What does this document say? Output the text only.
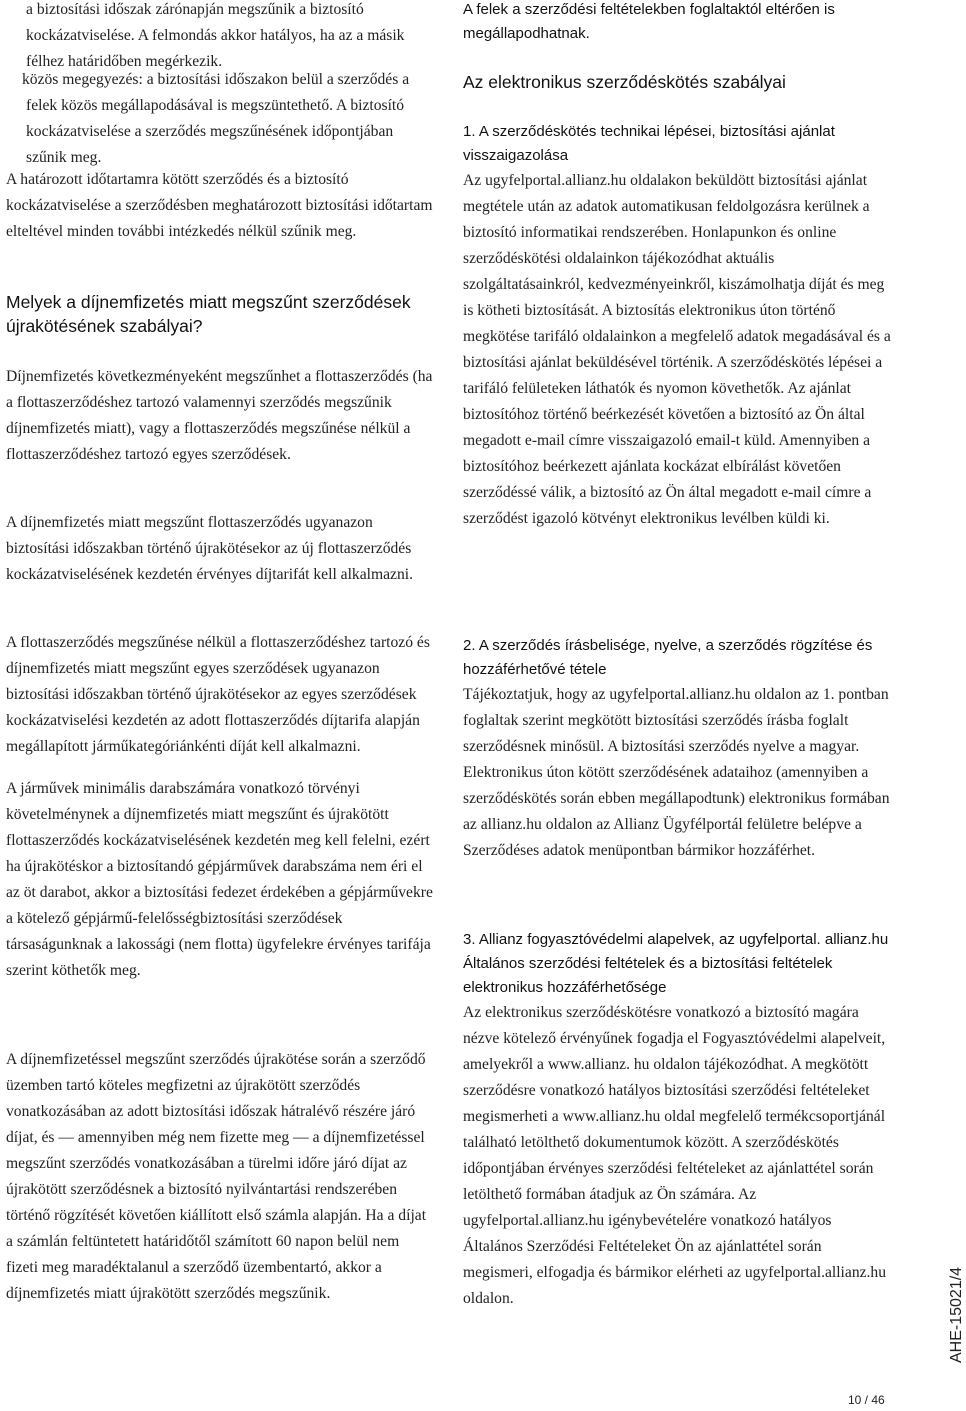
a biztosítási időszak zárónapján megszűnik a biztosító kockázatviselése. A felmondás akkor hatályos, ha az a másik félhez határidőben megérkezik.

közös megegyezés: a biztosítási időszakon belül a szerződés a felek közös megállapodásával is megszüntethető. A biztosító kockázatviselése a szerződés megszűnésének időpontjában szűnik meg.

A határozott időtartamra kötött szerződés és a biztosító kockázatviselése a szerződésben meghatározott biztosítási időtartam elteltével minden további intézkedés nélkül szűnik meg.

Melyek a díjnemfizetés miatt megszűnt szerződések újrakötésének szabályai?

Díjnemfizetés következményeként megszűnhet a flottaszerződés (ha a flottaszerződéshez tartozó valamennyi szerződés megszűnik díjnemfizetés miatt), vagy a flottaszerződés megszűnése nélkül a flottaszerződéshez tartozó egyes szerződések.

A díjnemfizetés miatt megszűnt flottaszerződés ugyanazon biztosítási időszakban történő újrakötésekor az új flottaszerződés kockázatviselésének kezdetén érvényes díjtarifát kell alkalmazni.

A flottaszerződés megszűnése nélkül a flottaszerződéshez tartozó és díjnemfizetés miatt megszűnt egyes szerződések ugyanazon biztosítási időszakban történő újrakötésekor az egyes szerződések kockázatviselési kezdetén az adott flottaszerződés díjtarifa alapján megállapított járműkategóriánkénti díját kell alkalmazni.

A járművek minimális darabszámára vonatkozó törvényi követelménynek a díjnemfizetés miatt megszűnt és újrakötött flottaszerződés kockázatviselésének kezdetén meg kell felelni, ezért ha újrakötéskor a biztosítandó gépjárművek darabszáma nem éri el az öt darabot, akkor a biztosítási fedezet érdekében a gépjárművekre a kötelező gépjármű-felelősségbiztosítási szerződések társaságunknak a lakossági (nem flotta) ügyfelekre érvényes tarifája szerint köthetők meg.

A díjnemfizetéssel megszűnt szerződés újrakötése során a szerződő üzemben tartó köteles megfizetni az újrakötött szerződés vonatkozásában az adott biztosítási időszak hátralévő részére járó díjat, és — amennyiben még nem fizette meg — a díjnemfizetéssel megszűnt szerződés vonatkozásában a türelmi időre járó díjat az újrakötött szerződésnek a biztosító nyilvántartási rendszerében történő rögzítését követően kiállított első számla alapján. Ha a díjat a számlán feltüntetett határidőtől számított 60 napon belül nem fizeti meg maradéktalanul a szerződő üzembentartó, akkor a díjnemfizetés miatt újrakötött szerződés megszűnik.

A felek a szerződési feltételekben foglaltaktól eltérően is megállapodhatnak.

Az elektronikus szerződéskötés szabályai
1. A szerződéskötés technikai lépései, biztosítási ajánlat visszaigazolása

Az ugyfelportal.allianz.hu oldalakon beküldött biztosítási ajánlat megtétele után az adatok automatikusan feldolgozásra kerülnek a biztosító informatikai rendszerében. Honlapunkon és online szerződéskötési oldalainkon tájékozódhat aktuális szolgáltatásainkról, kedvezményeinkről, kiszámolhatja díját és meg is kötheti biztosítását. A biztosítás elektronikus úton történő megkötése tarifáló oldalainkon a megfelelő adatok megadásával és a biztosítási ajánlat beküldésével történik. A szerződéskötés lépései a tarifáló felületeken láthatók és nyomon követhetők. Az ajánlat biztosítóhoz történő beérkezését követően a biztosító az Ön által megadott e-mail címre visszaigazoló email-t küld. Amennyiben a biztosítóhoz beérkezett ajánlata kockázat elbírálást követően szerződéssé válik, a biztosító az Ön által megadott e-mail címre a szerződést igazoló kötvényt elektronikus levélben küldi ki.

2. A szerződés írásbelisége, nyelve, a szerződés rögzítése és hozzáférhetővé tétele

Tájékoztatjuk, hogy az ugyfelportal.allianz.hu oldalon az 1. pontban foglaltak szerint megkötött biztosítási szerződés írásba foglalt szerződésnek minősül. A biztosítási szerződés nyelve a magyar. Elektronikus úton kötött szerződésének adataihoz (amennyiben a szerződéskötés során ebben megállapodtunk) elektronikus formában az allianz.hu oldalon az Allianz Ügyfélportál felületre belépve a Szerződéses adatok menüpontban bármikor hozzáférhet.

3. Allianz fogyasztóvédelmi alapelvek, az ugyfelportal. allianz.hu Általános szerződési feltételek és a biztosítási feltételek elektronikus hozzáférhetősége

Az elektronikus szerződéskötésre vonatkozó a biztosító magára nézve kötelező érvényűnek fogadja el Fogyasztóvédelmi alapelveit, amelyekről a www.allianz. hu oldalon tájékozódhat. A megkötött szerződésre vonatkozó hatályos biztosítási szerződési feltételeket megismerheti a www.allianz.hu oldal megfelelő termékcsoportjánál található letölthető dokumentumok között. A szerződéskötés időpontjában érvényes szerződési feltételeket az ajánlattétel során letölthető formában átadjuk az Ön számára. Az ugyfelportal.allianz.hu igénybevételére vonatkozó hatályos Általános Szerződési Feltételeket Ön az ajánlattétel során megismeri, elfogadja és bármikor elérheti az ugyfelportal.allianz.hu oldalon.	AHE-15021/4
10 / 46
